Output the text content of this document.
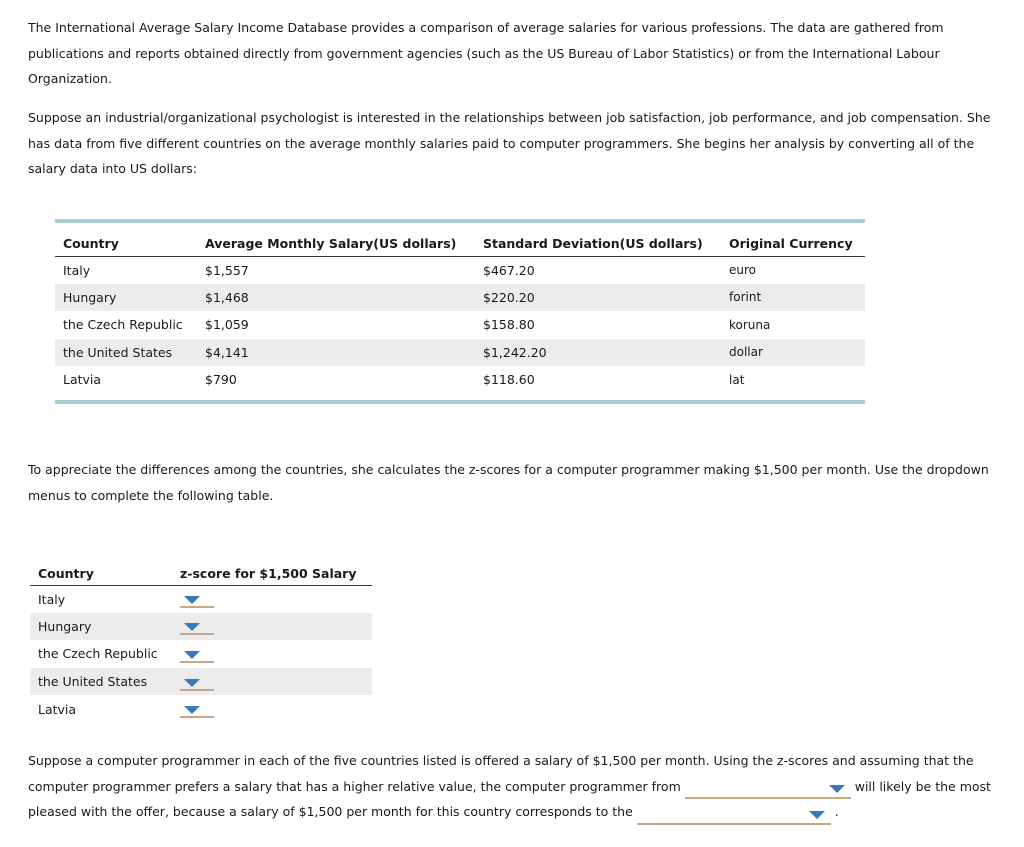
The International Average Salary Income Database provides a comparison of average salaries for various professions. The data are gathered from publications and reports obtained directly from government agencies (such as the US Bureau of Labor Statistics) or from the International Labour Organization.

Suppose an industrial/organizational psychologist is interested in the relationships between job satisfaction, job performance, and job compensation. She has data from five different countries on the average monthly salaries paid to computer programmers. She begins her analysis by converting all of the salary data into US dollars:

Country	Average Monthly Salary(US dollars)	Standard Deviation(US dollars)	Original Currency
Italy	$1,557	$467.20	euro
Hungary	$1,468	$220.20	forint
the Czech Republic	$1,059	$158.80	koruna
the United States	$4,141	$1,242.20	dollar
Latvia	$790	$118.60	lat

To appreciate the differences among the countries, she calculates the z-scores for a computer programmer making $1,500 per month. Use the dropdown menus to complete the following table.

Country	z-score for $1,500 Salary
Italy	
Hungary	
the Czech Republic	
the United States	
Latvia	

Suppose a computer programmer in each of the five countries listed is offered a salary of $1,500 per month. Using the z-scores and assuming that the computer programmer prefers a salary that has a higher relative value, the computer programmer from	will likely be the most pleased with the offer, because a salary of $1,500 per month for this country corresponds to the	.
